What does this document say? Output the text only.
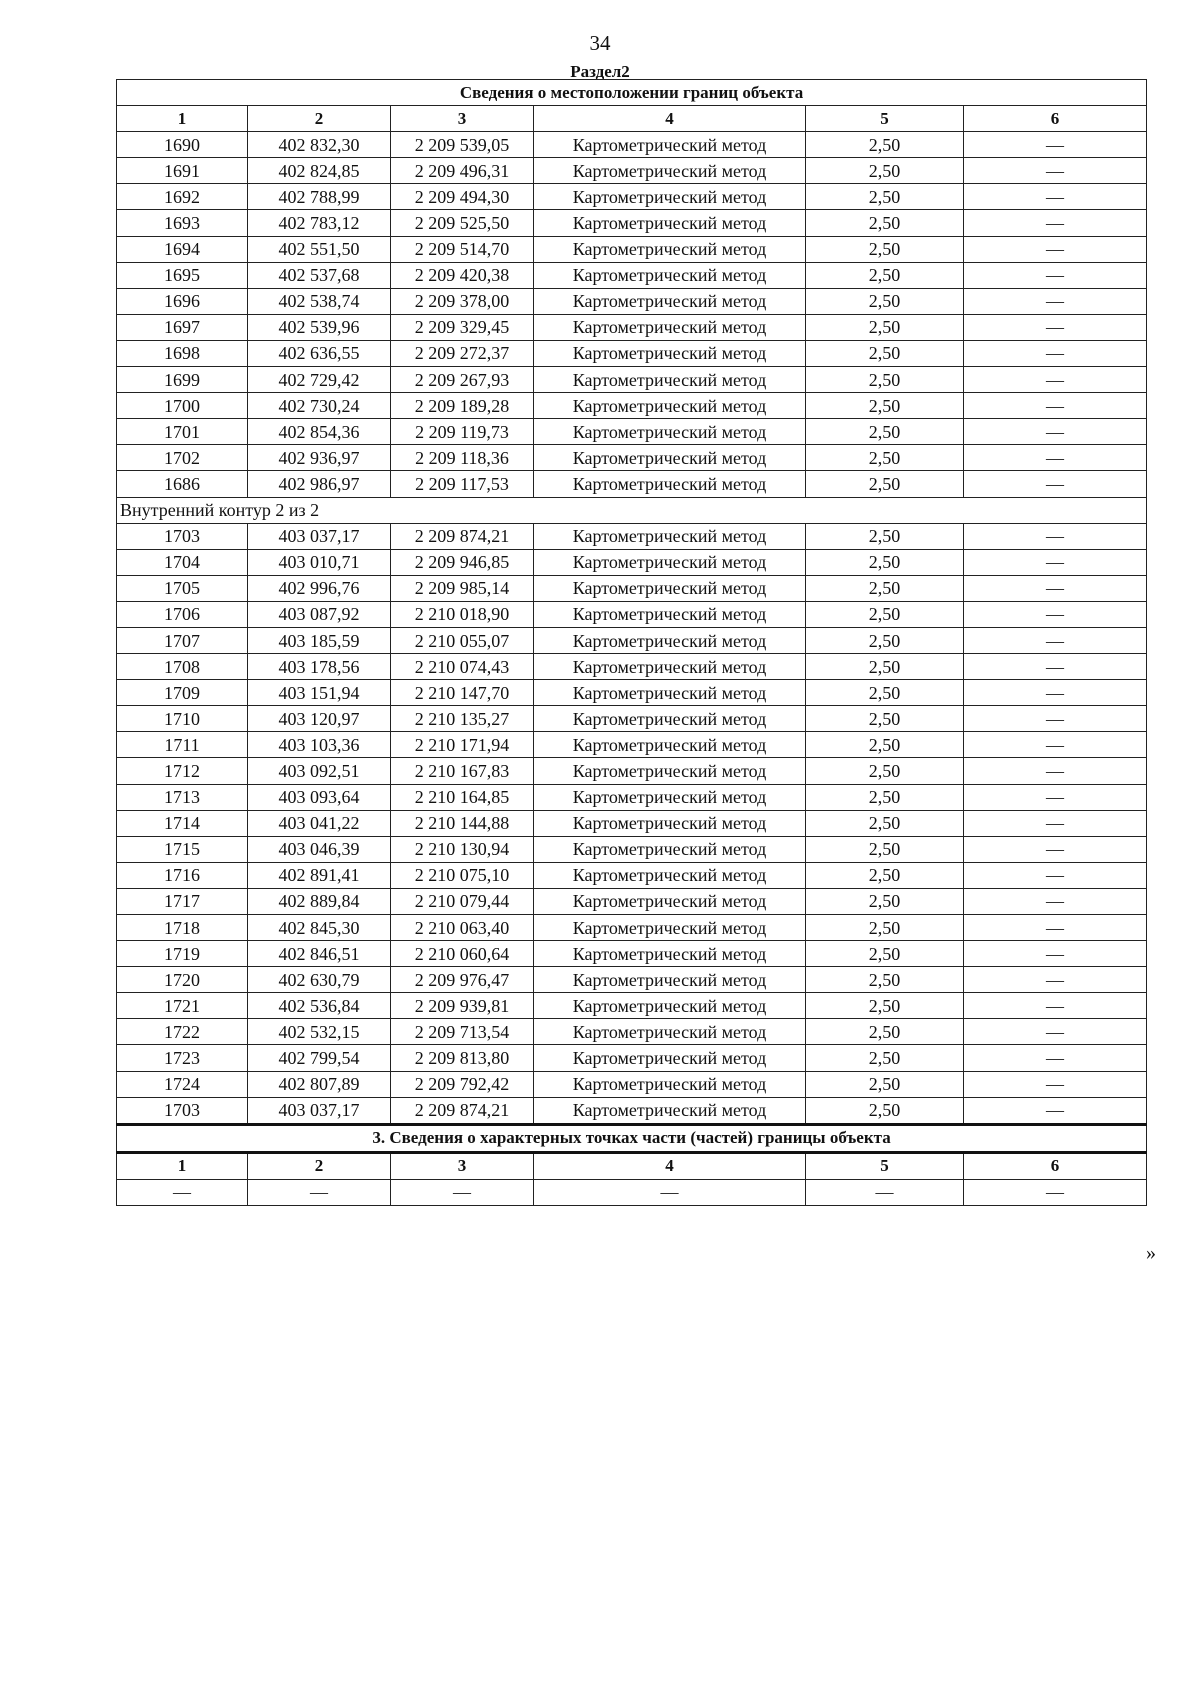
34
Раздел2
Сведения о местоположении границ объекта					
1	2	3	4	5	6
1690	402 832,30	2 209 539,05	Картометрический метод	2,50	—
1691	402 824,85	2 209 496,31	Картометрический метод	2,50	—
1692	402 788,99	2 209 494,30	Картометрический метод	2,50	—
1693	402 783,12	2 209 525,50	Картометрический метод	2,50	—
1694	402 551,50	2 209 514,70	Картометрический метод	2,50	—
1695	402 537,68	2 209 420,38	Картометрический метод	2,50	—
1696	402 538,74	2 209 378,00	Картометрический метод	2,50	—
1697	402 539,96	2 209 329,45	Картометрический метод	2,50	—
1698	402 636,55	2 209 272,37	Картометрический метод	2,50	—
1699	402 729,42	2 209 267,93	Картометрический метод	2,50	—
1700	402 730,24	2 209 189,28	Картометрический метод	2,50	—
1701	402 854,36	2 209 119,73	Картометрический метод	2,50	—
1702	402 936,97	2 209 118,36	Картометрический метод	2,50	—
1686	402 986,97	2 209 117,53	Картометрический метод	2,50	—
Внутренний контур 2 из 2					
1703	403 037,17	2 209 874,21	Картометрический метод	2,50	—
1704	403 010,71	2 209 946,85	Картометрический метод	2,50	—
1705	402 996,76	2 209 985,14	Картометрический метод	2,50	—
1706	403 087,92	2 210 018,90	Картометрический метод	2,50	—
1707	403 185,59	2 210 055,07	Картометрический метод	2,50	—
1708	403 178,56	2 210 074,43	Картометрический метод	2,50	—
1709	403 151,94	2 210 147,70	Картометрический метод	2,50	—
1710	403 120,97	2 210 135,27	Картометрический метод	2,50	—
1711	403 103,36	2 210 171,94	Картометрический метод	2,50	—
1712	403 092,51	2 210 167,83	Картометрический метод	2,50	—
1713	403 093,64	2 210 164,85	Картометрический метод	2,50	—
1714	403 041,22	2 210 144,88	Картометрический метод	2,50	—
1715	403 046,39	2 210 130,94	Картометрический метод	2,50	—
1716	402 891,41	2 210 075,10	Картометрический метод	2,50	—
1717	402 889,84	2 210 079,44	Картометрический метод	2,50	—
1718	402 845,30	2 210 063,40	Картометрический метод	2,50	—
1719	402 846,51	2 210 060,64	Картометрический метод	2,50	—
1720	402 630,79	2 209 976,47	Картометрический метод	2,50	—
1721	402 536,84	2 209 939,81	Картометрический метод	2,50	—
1722	402 532,15	2 209 713,54	Картометрический метод	2,50	—
1723	402 799,54	2 209 813,80	Картометрический метод	2,50	—
1724	402 807,89	2 209 792,42	Картометрический метод	2,50	—
1703	403 037,17	2 209 874,21	Картометрический метод	2,50	—
3. Сведения о характерных точках части (частей) границы объекта					
1	2	3	4	5	6
—	—	—	—	—	—
»
